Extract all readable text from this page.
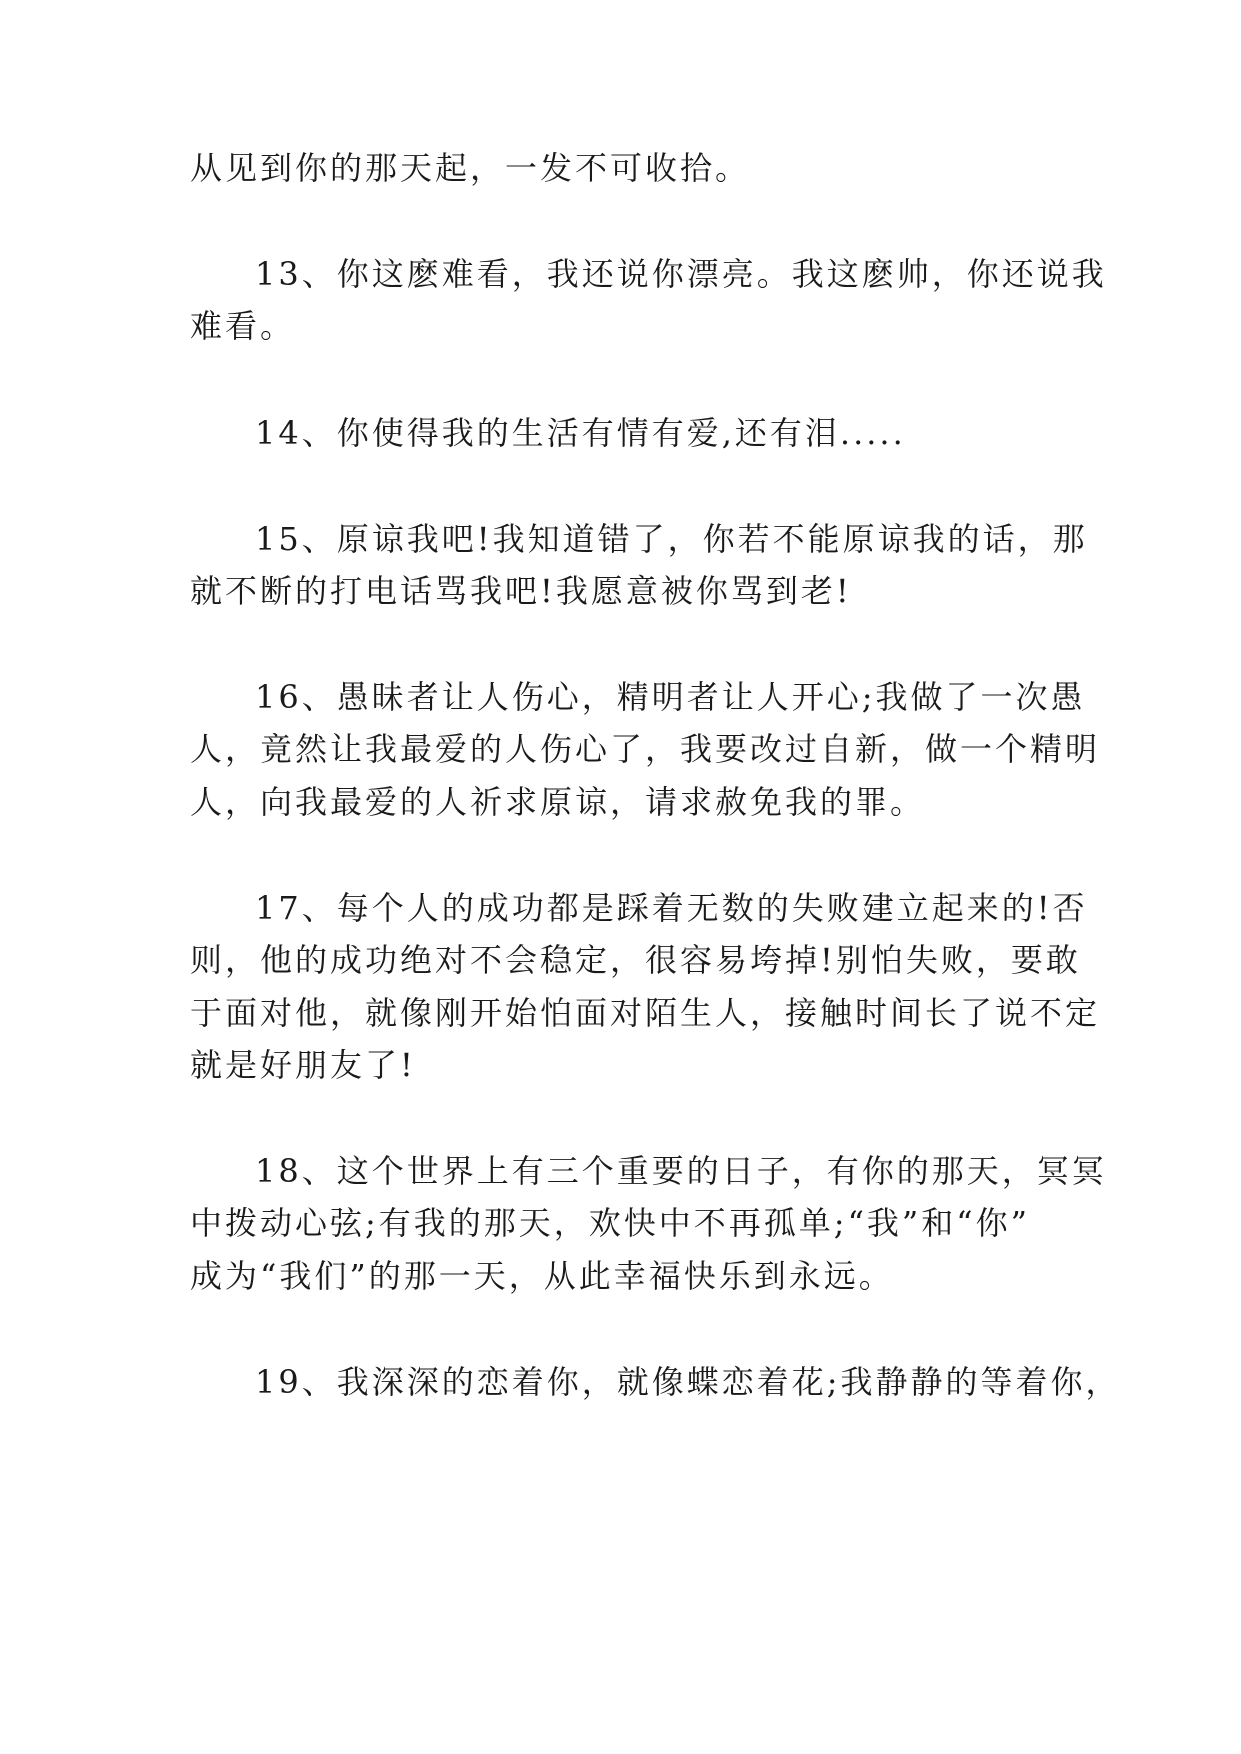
从见到你的那天起，一发不可收拾。
13、你这麽难看，我还说你漂亮。我这麽帅，你还说我
难看。
14、你使得我的生活有情有爱,还有泪.....
15、原谅我吧!我知道错了，你若不能原谅我的话，那
就不断的打电话骂我吧!我愿意被你骂到老!
16、愚昧者让人伤心，精明者让人开心;我做了一次愚
人，竟然让我最爱的人伤心了，我要改过自新，做一个精明
人，向我最爱的人祈求原谅，请求赦免我的罪。
17、每个人的成功都是踩着无数的失败建立起来的!否
则，他的成功绝对不会稳定，很容易垮掉!别怕失败，要敢
于面对他，就像刚开始怕面对陌生人，接触时间长了说不定
就是好朋友了!
18、这个世界上有三个重要的日子，有你的那天，冥冥
中拨动心弦;有我的那天，欢快中不再孤单;“我”和“你”
成为“我们”的那一天，从此幸福快乐到永远。
19、我深深的恋着你，就像蝶恋着花;我静静的等着你，
